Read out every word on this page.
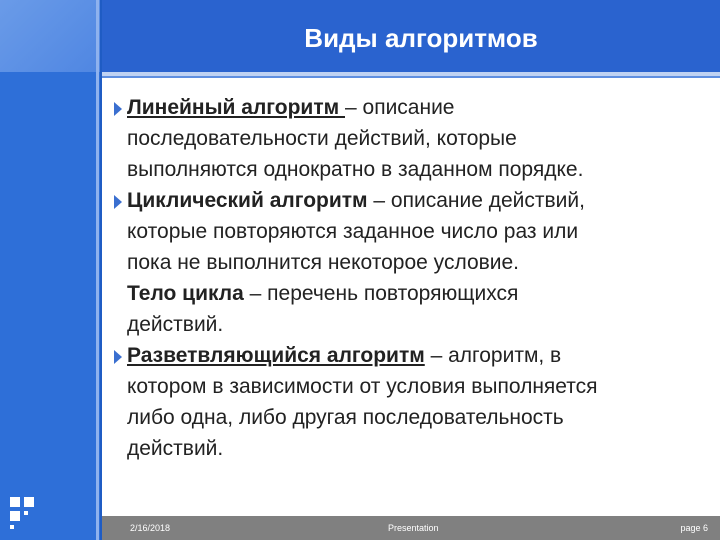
Виды алгоритмов
Линейный алгоритм – описание
последовательности действий, которые
выполняются однократно в заданном порядке.
Циклический алгоритм – описание действий,
которые повторяются заданное число раз или
пока не выполнится некоторое условие.
Тело цикла – перечень повторяющихся
действий.
Разветвляющийся алгоритм – алгоритм, в
котором в зависимости от условия выполняется
либо одна, либо другая последовательность
действий.
2/16/2018	Presentation	page 6
